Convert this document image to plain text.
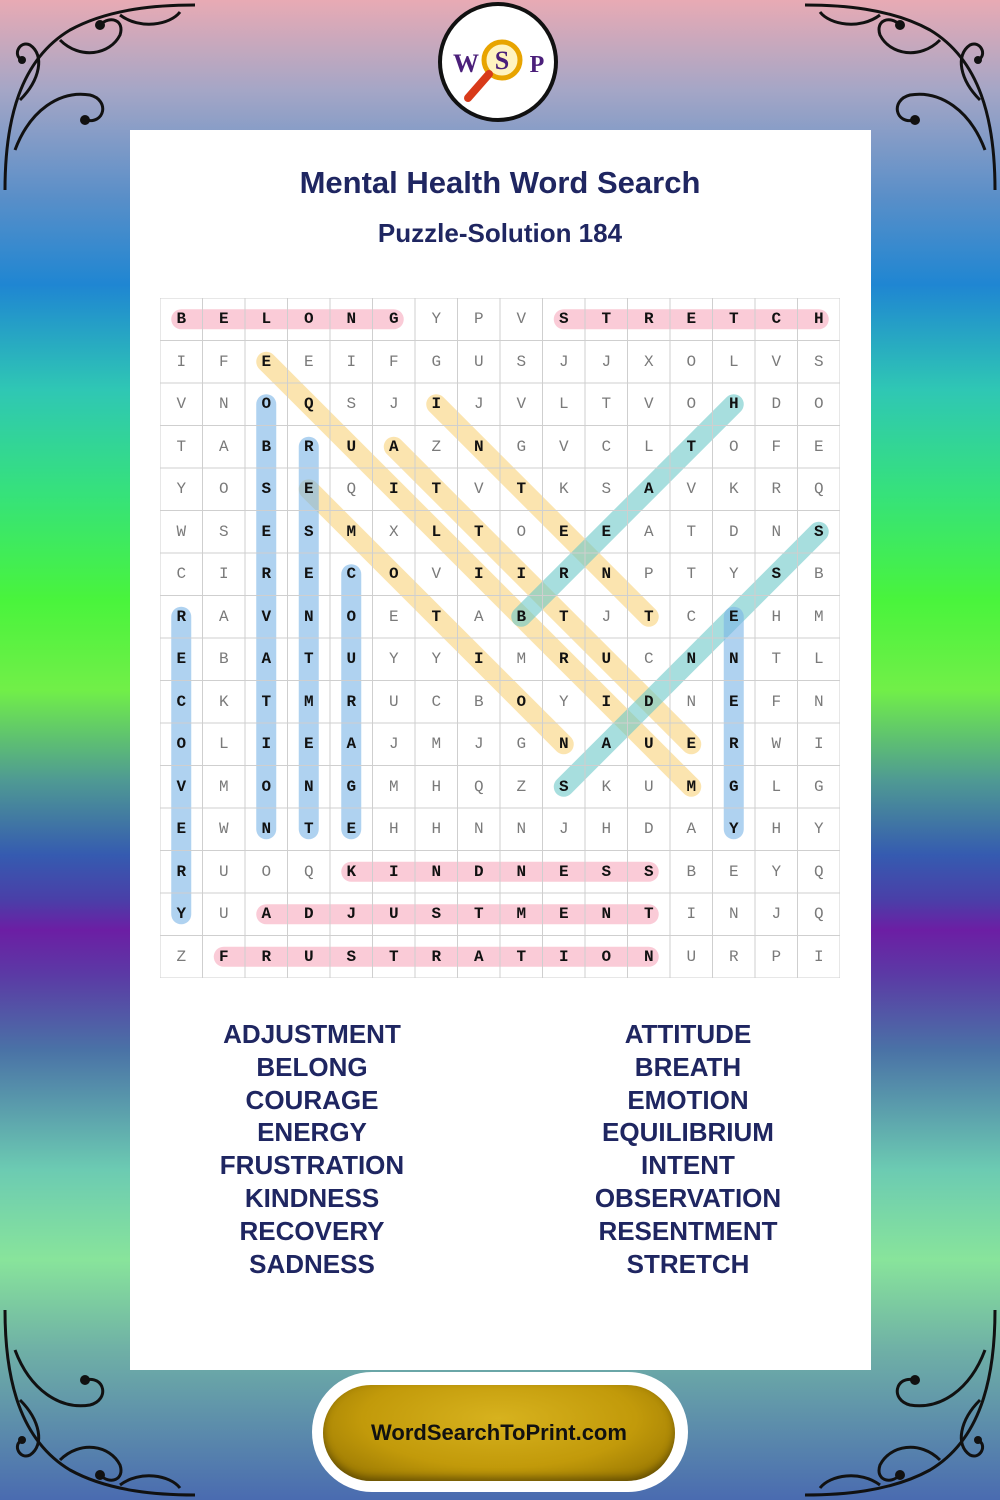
W S P
Mental Health Word Search
Puzzle-Solution 184
B	E	L	O	N	G	Y	P	V	S	T	R	E	T	C	H
I	F	E	E	I	F	G	U	S	J	J	X	O	L	V	S
V	N	O	Q	S	J	I	J	V	L	T	V	O	H	D	O
T	A	B	R	U	A	Z	N	G	V	C	L	T	O	F	E
Y	O	S	E	Q	I	T	V	T	K	S	A	V	K	R	Q
W	S	E	S	M	X	L	T	O	E	E	A	T	D	N	S
C	I	R	E	C	O	V	I	I	R	N	P	T	Y	S	B
R	A	V	N	O	E	T	A	B	T	J	T	C	E	H	M
E	B	A	T	U	Y	Y	I	M	R	U	C	N	N	T	L
C	K	T	M	R	U	C	B	O	Y	I	D	N	E	F	N
O	L	I	E	A	J	M	J	G	N	A	U	E	R	W	I
V	M	O	N	G	M	H	Q	Z	S	K	U	M	G	L	G
E	W	N	T	E	H	H	N	N	J	H	D	A	Y	H	Y
R	U	O	Q	K	I	N	D	N	E	S	S	B	E	Y	Q
Y	U	A	D	J	U	S	T	M	E	N	T	I	N	J	Q
Z	F	R	U	S	T	R	A	T	I	O	N	U	R	P	I
ADJUSTMENT
BELONG
COURAGE
ENERGY
FRUSTRATION
KINDNESS
RECOVERY
SADNESS
ATTITUDE
BREATH
EMOTION
EQUILIBRIUM
INTENT
OBSERVATION
RESENTMENT
STRETCH
WordSearchToPrint.com
